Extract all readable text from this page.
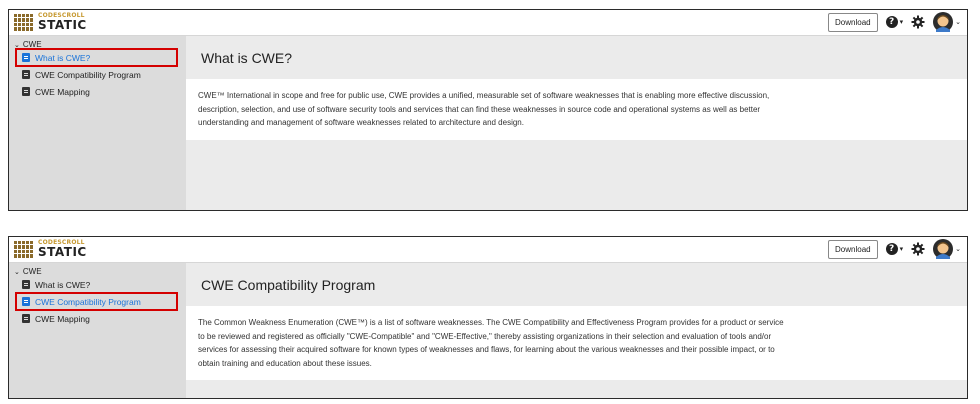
CODESCROLL
STATIC	Download	? ▾	⌄
⌄ CWE
What is CWE?
CWE Compatibility Program
CWE Mapping
What is CWE?
CWE™ International in scope and free for public use, CWE provides a unified, measurable set of software weaknesses that is enabling more effective discussion, description, selection, and use of software security tools and services that can find these weaknesses in source code and operational systems as well as better understanding and management of software weaknesses related to architecture and design.
CODESCROLL
STATIC	Download	? ▾	⌄
⌄ CWE
What is CWE?
CWE Compatibility Program
CWE Mapping
CWE Compatibility Program
The Common Weakness Enumeration (CWE™) is a list of software weaknesses. The CWE Compatibility and Effectiveness Program provides for a product or service to be reviewed and registered as officially "CWE-Compatible" and "CWE-Effective," thereby assisting organizations in their selection and evaluation of tools and/or services for assessing their acquired software for known types of weaknesses and flaws, for learning about the various weaknesses and their possible impact, or to obtain training and education about these issues.
